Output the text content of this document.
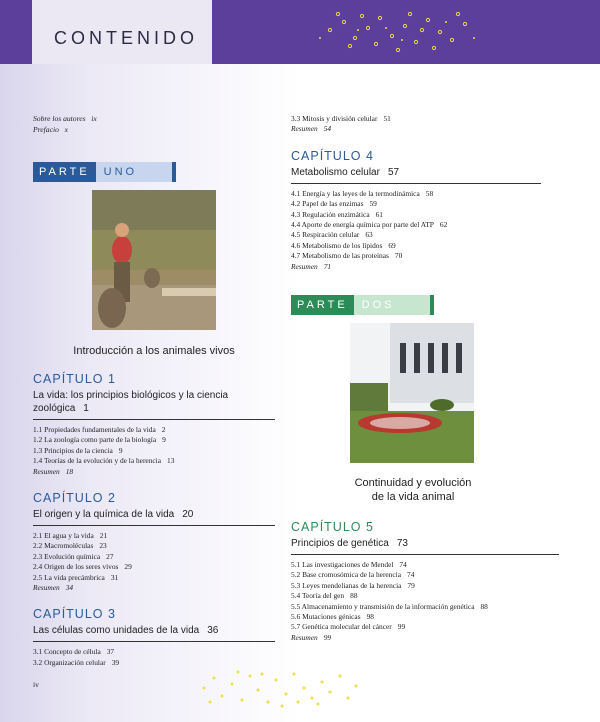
CONTENIDO
Sobre los autores ix
Prefacio x
PARTE	UNO
Introducción a los animales vivos
CAPÍTULO 1
La vida: los principios biológicos y la ciencia
zoológica 1
1.1 Propiedades fundamentales de la vida 2
1.2 La zoología como parte de la biología 9
1.3 Principios de la ciencia 9
1.4 Teorías de la evolución y de la herencia 13
Resumen 18
CAPÍTULO 2
El origen y la química de la vida 20
2.1 El agua y la vida 21
2.2 Macromoléculas 23
2.3 Evolución química 27
2.4 Origen de los seres vivos 29
2.5 La vida precámbrica 31
Resumen 34
CAPÍTULO 3
Las células como unidades de la vida 36
3.1 Concepto de célula 37
3.2 Organización celular 39
3.3 Mitosis y división celular 51
Resumen 54
CAPÍTULO 4
Metabolismo celular 57
4.1 Energía y las leyes de la termodinámica 58
4.2 Papel de las enzimas 59
4.3 Regulación enzimática 61
4.4 Aporte de energía química por parte del ATP 62
4.5 Respiración celular 63
4.6 Metabolismo de los lípidos 69
4.7 Metabolismo de las proteínas 70
Resumen 71
PARTE	DOS
Continuidad y evolución
de la vida animal
CAPÍTULO 5
Principios de genética 73
5.1 Las investigaciones de Mendel 74
5.2 Base cromosómica de la herencia 74
5.3 Leyes mendelianas de la herencia 79
5.4 Teoría del gen 88
5.5 Almacenamiento y transmisión de la información genética 88
5.6 Mutaciones génicas 98
5.7 Genética molecular del cáncer 99
Resumen 99
iv
